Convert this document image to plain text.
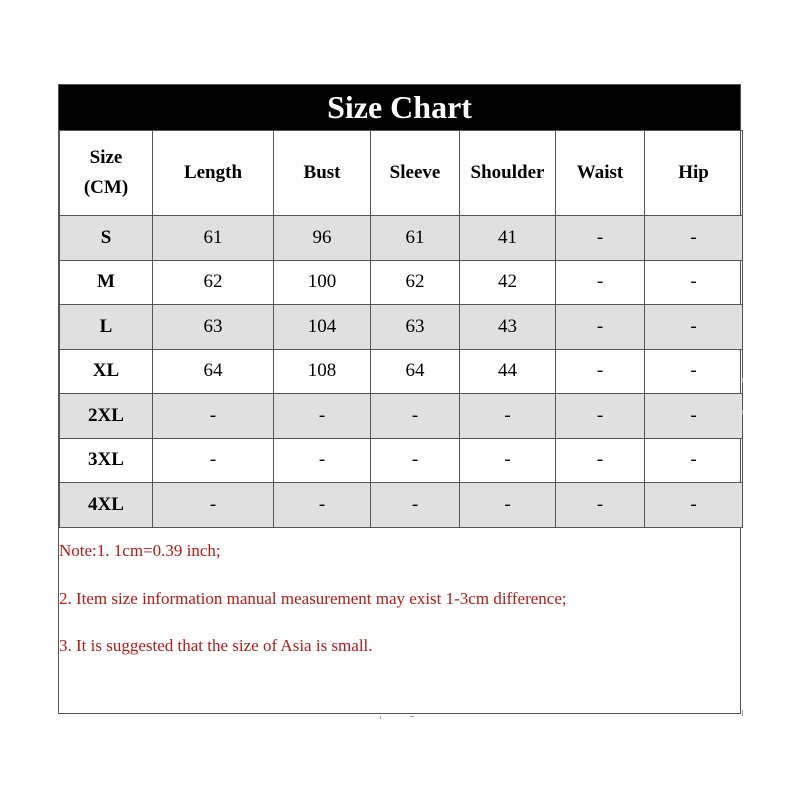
Size Chart
Size
(CM)	Length	Bust	Sleeve	Shoulder	Waist	Hip
S	61	96	61	41	-	-
M	62	100	62	42	-	-
L	63	104	63	43	-	-
XL	64	108	64	44	-	-
2XL	-	-	-	-	-	-
3XL	-	-	-	-	-	-
4XL	-	-	-	-	-	-
Note:1. 1cm=0.39 inch;
2. Item size information manual measurement may exist 1-3cm difference;
3. It is suggested that the size of Asia is small.
